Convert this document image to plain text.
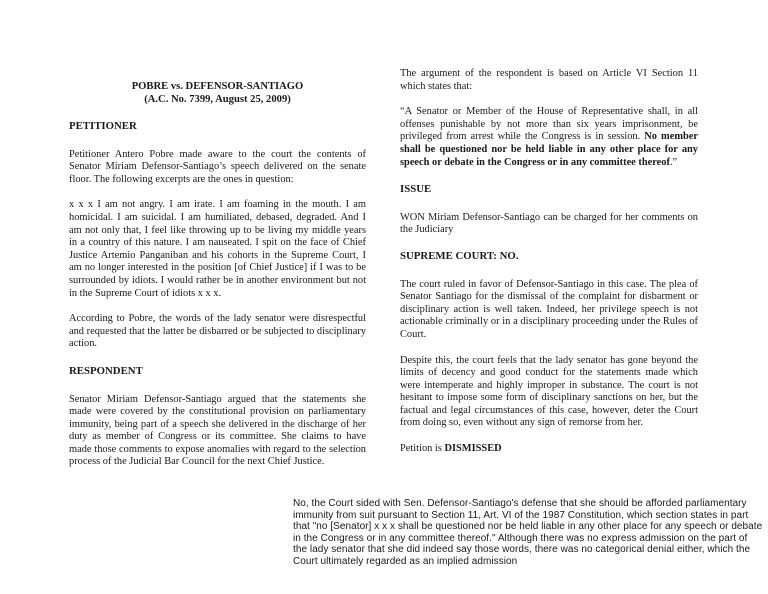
POBRE vs. DEFENSOR-SANTIAGO

(A.C. No. 7399, August 25, 2009)

PETITIONER

Petitioner Antero Pobre made aware to the court the contents of Senator Miriam Defensor-Santiago’s speech delivered on the senate floor. The following excerpts are the ones in question:

x x x I am not angry. I am irate. I am foaming in the mouth. I am homicidal. I am suicidal. I am humiliated, debased, degraded. And I am not only that, I feel like throwing up to be living my middle years in a country of this nature. I am nauseated. I spit on the face of Chief Justice Artemio Panganiban and his cohorts in the Supreme Court, I am no longer interested in the position [of Chief Justice] if I was to be surrounded by idiots. I would rather be in another environment but not in the Supreme Court of idiots x x x.

According to Pobre, the words of the lady senator were disrespectful and requested that the latter be disbarred or be subjected to disciplinary action.

RESPONDENT

Senator Miriam Defensor-Santiago argued that the statements she made were covered by the constitutional provision on parliamentary immunity, being part of a speech she delivered in the discharge of her duty as member of Congress or its committee. She claims to have made those comments to expose anomalies with regard to the selection process of the Judicial Bar Council for the next Chief Justice.

The argument of the respondent is based on Article VI Section 11 which states that:

“A Senator or Member of the House of Representative shall, in all offenses punishable by not more than six years imprisonment, be privileged from arrest while the Congress is in session. No member shall be questioned nor be held liable in any other place for any speech or debate in the Congress or in any committee thereof.”

ISSUE

WON Miriam Defensor-Santiago can be charged for her comments on the Judiciary

SUPREME COURT: NO.

The court ruled in favor of Defensor-Santiago in this case. The plea of Senator Santiago for the dismissal of the complaint for disbarment or disciplinary action is well taken. Indeed, her privilege speech is not actionable criminally or in a disciplinary proceeding under the Rules of Court.

Despite this, the court feels that the lady senator has gone beyond the limits of decency and good conduct for the statements made which were intemperate and highly improper in substance. The court is not hesitant to impose some form of disciplinary sanctions on her, but the factual and legal circumstances of this case, however, deter the Court from doing so, even without any sign of remorse from her.

Petition is DISMISSED

No, the Court sided with Sen. Defensor-Santiago's defense that she should be afforded parliamentary immunity from suit pursuant to Section 11, Art. VI of the 1987 Constitution, which section states in part that "no [Senator] x x x shall be questioned nor be held liable in any other place for any speech or debate in the Congress or in any committee thereof." Although there was no express admission on the part of the lady senator that she did indeed say those words, there was no categorical denial either, which the Court ultimately regarded as an implied admission
